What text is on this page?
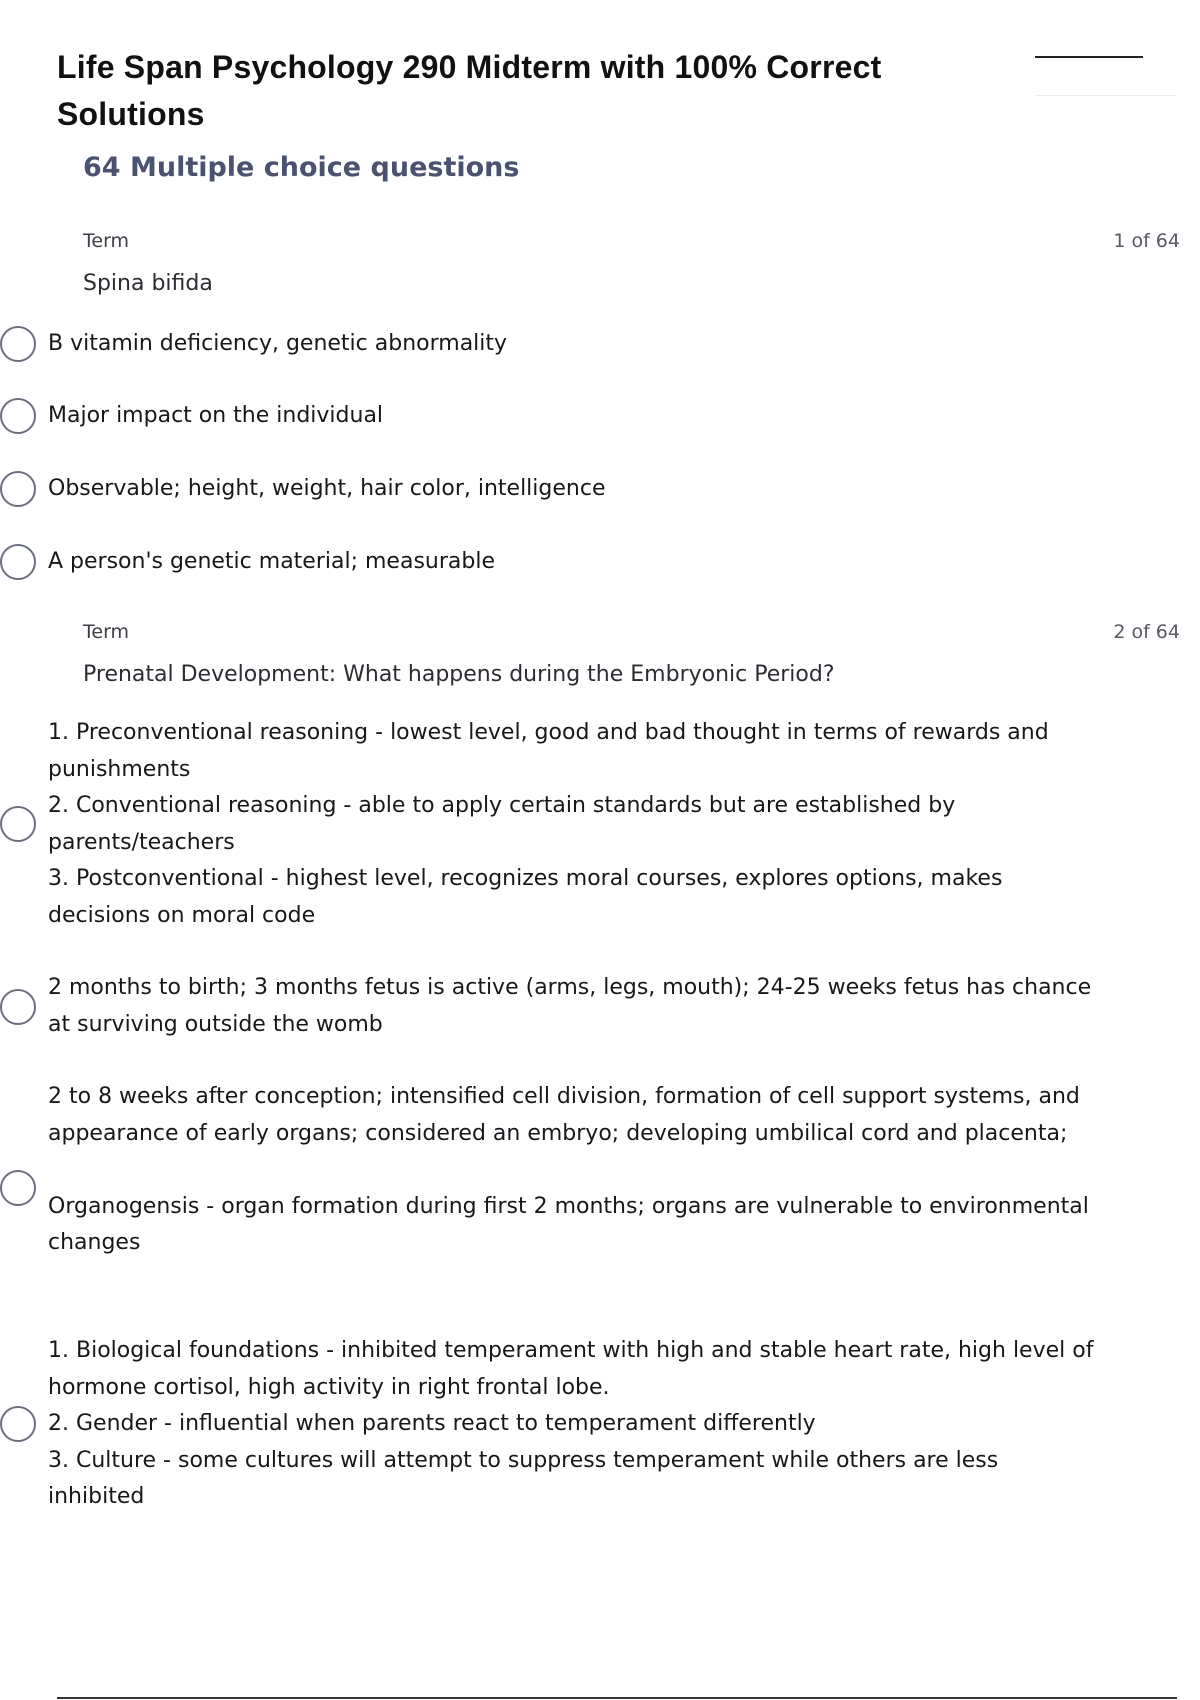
Life Span Psychology 290 Midterm with 100% Correct Solutions
64 Multiple choice questions
Term	1 of 64
Spina bifida
B vitamin deficiency, genetic abnormality
Major impact on the individual
Observable; height, weight, hair color, intelligence
A person's genetic material; measurable
Term	2 of 64
Prenatal Development: What happens during the Embryonic Period?
1. Preconventional reasoning - lowest level, good and bad thought in terms of rewards and punishments
2. Conventional reasoning - able to apply certain standards but are established by parents/teachers
3. Postconventional - highest level, recognizes moral courses, explores options, makes decisions on moral code
2 months to birth; 3 months fetus is active (arms, legs, mouth); 24-25 weeks fetus has chance at surviving outside the womb
2 to 8 weeks after conception; intensified cell division, formation of cell support systems, and appearance of early organs; considered an embryo; developing umbilical cord and placenta;

Organogensis - organ formation during first 2 months; organs are vulnerable to environmental changes
1. Biological foundations - inhibited temperament with high and stable heart rate, high level of hormone cortisol, high activity in right frontal lobe.
2. Gender - influential when parents react to temperament differently
3. Culture - some cultures will attempt to suppress temperament while others are less inhibited
